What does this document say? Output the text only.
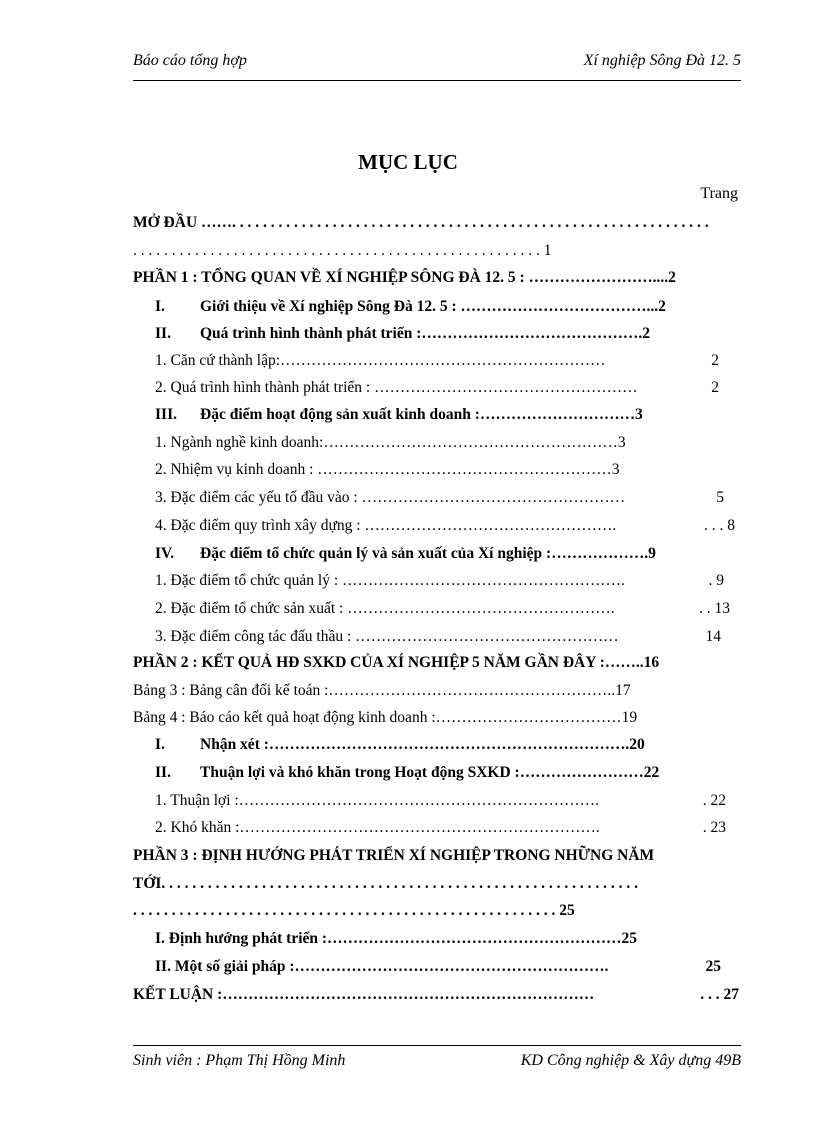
Báo cáo tổng hợp	Xí nghiệp Sông Đà 12. 5
MỤC LỤC
Trang
MỞ ĐẦU ……. . . . . . . . . . . . . . . . . . . . . . . . . . . . . . . . . . . . . . . . . . . . . . . . . . . . . . . . . . . . . .
. . . . . . . . . . . . . . . . . . . . . . . . . . . . . . . . . . . . . . . . . . . . . . . . . . . . . 1
PHẦN 1 : TỔNG QUAN VỀ XÍ NGHIỆP SÔNG ĐÀ 12. 5 : ……………………....2
I. Giới thiệu về Xí nghiệp Sông Đà 12. 5 : ………………………………...2
II. Quá trình hình thành phát triển :…………………………………….2
1. Căn cứ thành lập:………………………………………………………	2
2. Quá trình hình thành phát triển : ……………………………………………	2
III. Đặc điểm hoạt động sản xuất kinh doanh :…………………………3
1. Ngành nghề kinh doanh:…………………………………………………3
2. Nhiệm vụ kinh doanh : …………………………………………………3
3. Đặc điểm các yếu tố đầu vào : ……………………………………………	5
4. Đặc điểm quy trình xây dựng : ………………………………………….	. . . 8
IV. Đặc điểm tổ chức quản lý và sản xuất của Xí nghiệp :……………….9
1. Đặc điểm tổ chức quản lý : ……………………………………………….	. 9
2. Đặc điểm tổ chức sản xuất : …………………………………………….	. . 13
3. Đặc điểm công tác đấu thầu : ……………………………………………	14
PHẦN 2 : KẾT QUẢ HĐ SXKD CỦA XÍ NGHIỆP 5 NĂM GẦN ĐÂY :……..16
Bảng 3 : Bảng cân đối kế toán :………………………………………………..17
Bảng 4 : Báo cáo kết quả hoạt động kinh doanh :………………………………19
I. Nhận xét :…………………………………………………………….20
II. Thuận lợi và khó khăn trong Hoạt động SXKD :……………………22
1. Thuận lợi :…………………………………………………………….	. 22
2. Khó khăn :…………………………………………………………….	. 23
PHẦN 3 : ĐỊNH HƯỚNG PHÁT TRIỂN XÍ NGHIỆP TRONG NHỮNG NĂM
TỚI. . . . . . . . . . . . . . . . . . . . . . . . . . . . . . . . . . . . . . . . . . . . . . . . . . . . . . . . . . . . . .
. . . . . . . . . . . . . . . . . . . . . . . . . . . . . . . . . . . . . . . . . . . . . . . . . . . . . . . 25
I. Định hướng phát triển :…………………………………………………25
II. Một số giải pháp :…………………………………………………….	25
KẾT LUẬN :………………………………………………………………	. . . 27
Sinh viên : Phạm Thị Hồng Minh	KD Công nghiệp & Xây dựng 49B
